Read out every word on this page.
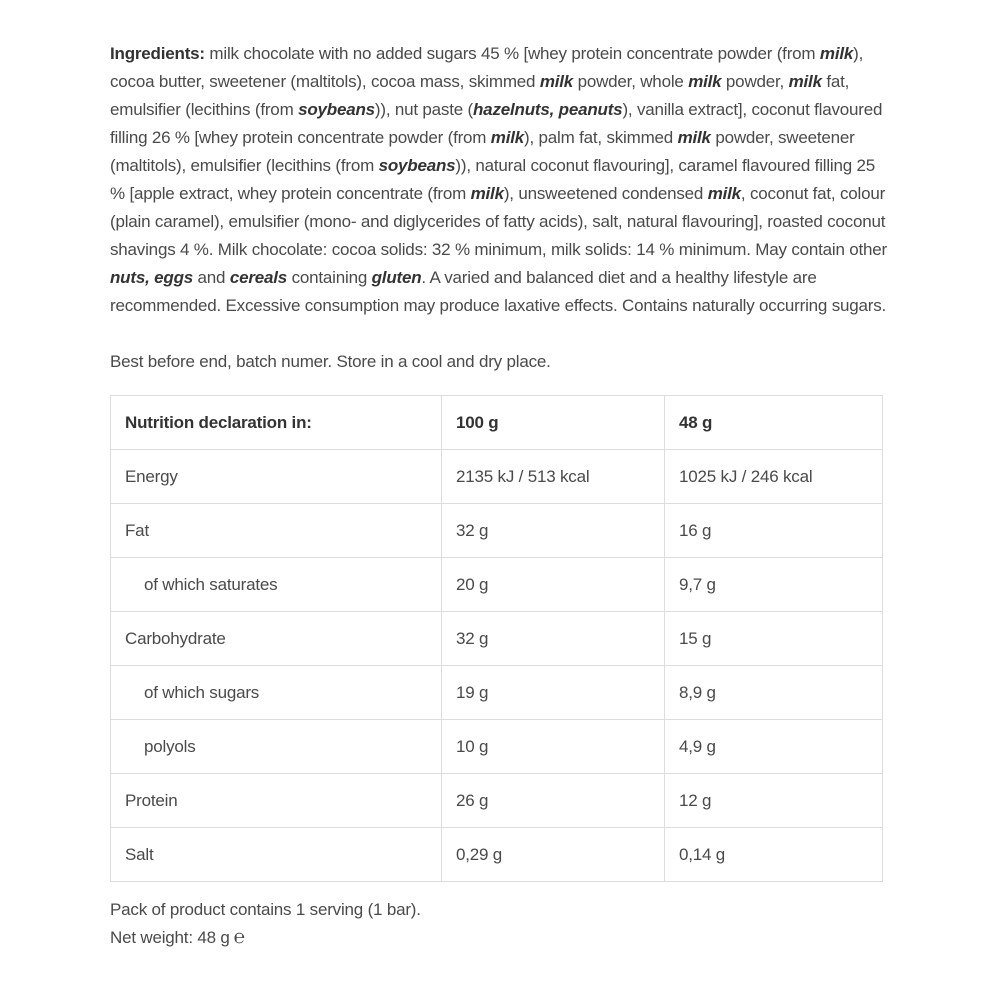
Ingredients: milk chocolate with no added sugars 45 % [whey protein concentrate powder (from milk), cocoa butter, sweetener (maltitols), cocoa mass, skimmed milk powder, whole milk powder, milk fat, emulsifier (lecithins (from soybeans)), nut paste (hazelnuts, peanuts), vanilla extract], coconut flavoured filling 26 % [whey protein concentrate powder (from milk), palm fat, skimmed milk powder, sweetener (maltitols), emulsifier (lecithins (from soybeans)), natural coconut flavouring], caramel flavoured filling 25 % [apple extract, whey protein concentrate (from milk), unsweetened condensed milk, coconut fat, colour (plain caramel), emulsifier (mono- and diglycerides of fatty acids), salt, natural flavouring], roasted coconut shavings 4 %. Milk chocolate: cocoa solids: 32 % minimum, milk solids: 14 % minimum. May contain other nuts, eggs and cereals containing gluten. A varied and balanced diet and a healthy lifestyle are recommended. Excessive consumption may produce laxative effects. Contains naturally occurring sugars.

Best before end, batch numer. Store in a cool and dry place.

Nutrition declaration in:	100 g	48 g
Energy	2135 kJ / 513 kcal	1025 kJ / 246 kcal
Fat	32 g	16 g
of which saturates	20 g	9,7 g
Carbohydrate	32 g	15 g
of which sugars	19 g	8,9 g
polyols	10 g	4,9 g
Protein	26 g	12 g
Salt	0,29 g	0,14 g

Pack of product contains 1 serving (1 bar).

Net weight: 48 g ℮
